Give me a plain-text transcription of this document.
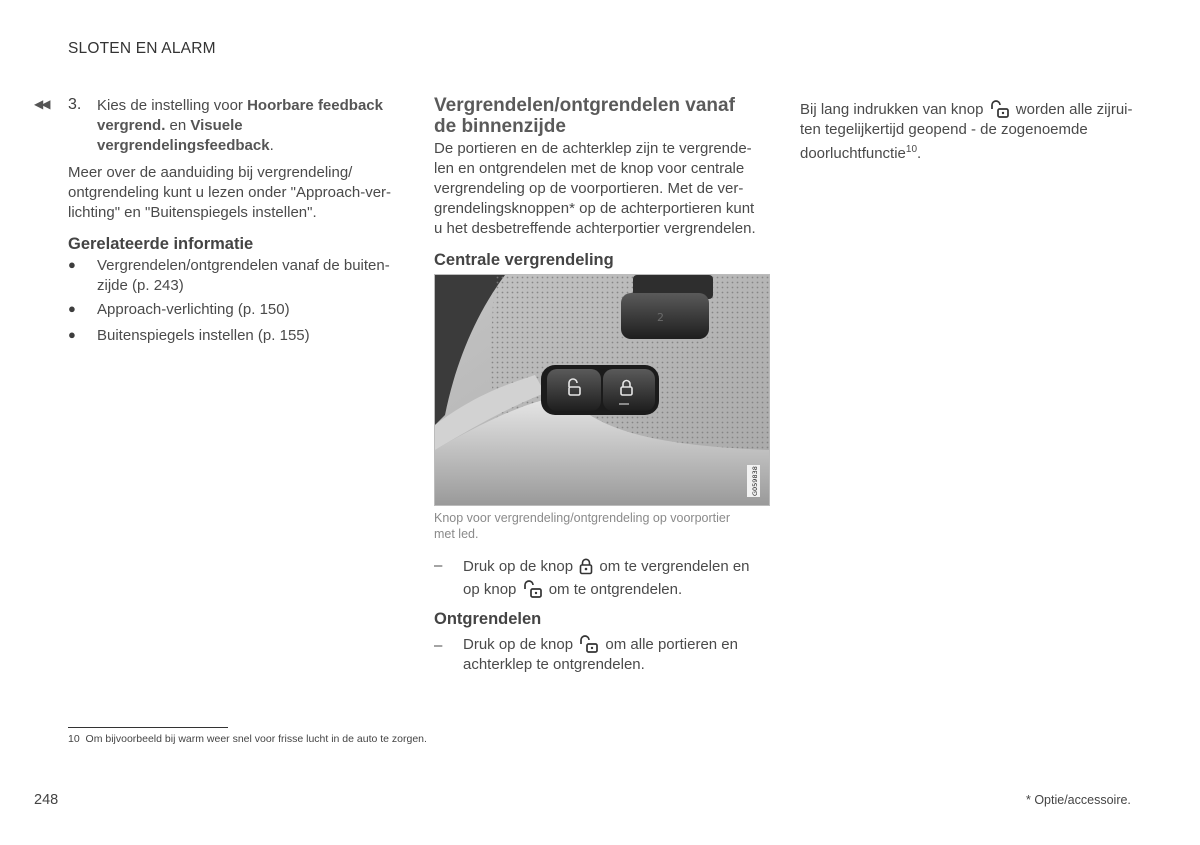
SLOTEN EN ALARM
◀◀ 3. Kies de instelling voor Hoorbare feedback vergrend. en Visuele vergrendelingsfeedback.

Meer over de aanduiding bij vergrendeling/

ontgrendeling kunt u lezen onder "Approach-ver-

lichting" en "Buitenspiegels instellen".

Gerelateerde informatie
● Vergrendelen/ontgrendelen vanaf de buiten-

zijde (p. 243)

● Approach-verlichting (p. 150)

● Buitenspiegels instellen (p. 155)

Vergrendelen/ontgrendelen vanaf

de binnenzijde

De portieren en de achterklep zijn te vergrende-

len en ontgrendelen met de knop voor centrale

vergrendeling op de voorportieren. Met de ver-

grendelingsknoppen* op de achterportieren kunt

u het desbetreffende achterportier vergrendelen.

Centrale vergrendeling
2
G059838

Knop voor vergrendeling/ontgrendeling op voorportier

met led.

– Druk op de knop  om te vergrendelen en

op knop  om te ontgrendelen.

Ontgrendelen
– Druk op de knop  om alle portieren en

achterklep te ontgrendelen.

Bij lang indrukken van knop  worden alle zijrui-

ten tegelijkertijd geopend - de zogenoemde

doorluchtfunctie$^{10}$.

10 Om bijvoorbeeld bij warm weer snel voor frisse lucht in de auto te zorgen.
248	* Optie/accessoire.
